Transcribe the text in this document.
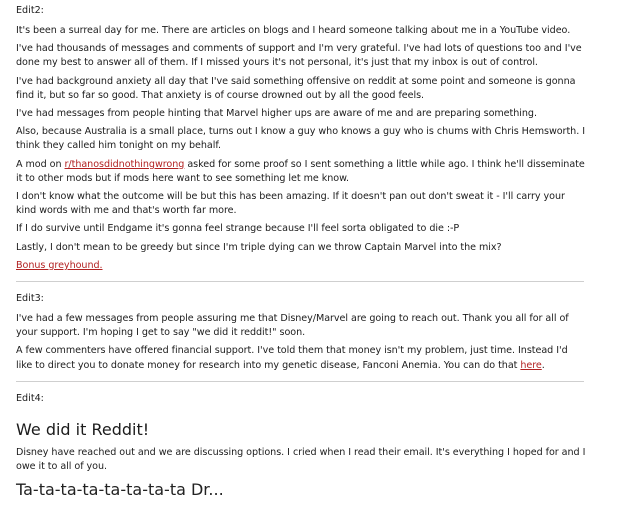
Edit2:

It's been a surreal day for me. There are articles on blogs and I heard someone talking about me in a YouTube video.

I've had thousands of messages and comments of support and I'm very grateful. I've had lots of questions too and I've done my best to answer all of them. If I missed yours it's not personal, it's just that my inbox is out of control.

I've had background anxiety all day that I've said something offensive on reddit at some point and someone is gonna find it, but so far so good. That anxiety is of course drowned out by all the good feels.

I've had messages from people hinting that Marvel higher ups are aware of me and are preparing something.

Also, because Australia is a small place, turns out I know a guy who knows a guy who is chums with Chris Hemsworth. I think they called him tonight on my behalf.

A mod on r/thanosdidnothingwrong asked for some proof so I sent something a little while ago. I think he'll disseminate it to other mods but if mods here want to see something let me know.

I don't know what the outcome will be but this has been amazing. If it doesn't pan out don't sweat it - I'll carry your kind words with me and that's worth far more.

If I do survive until Endgame it's gonna feel strange because I'll feel sorta obligated to die :-P

Lastly, I don't mean to be greedy but since I'm triple dying can we throw Captain Marvel into the mix?

Bonus greyhound.

Edit3:

I've had a few messages from people assuring me that Disney/Marvel are going to reach out. Thank you all for all of your support. I'm hoping I get to say "we did it reddit!" soon.

A few commenters have offered financial support. I've told them that money isn't my problem, just time. Instead I'd like to direct you to donate money for research into my genetic disease, Fanconi Anemia. You can do that here.

Edit4:
We did it Reddit!

Disney have reached out and we are discussing options. I cried when I read their email. It's everything I hoped for and I owe it to all of you.

Ta-ta-ta-ta-ta-ta-ta-ta Dr...
